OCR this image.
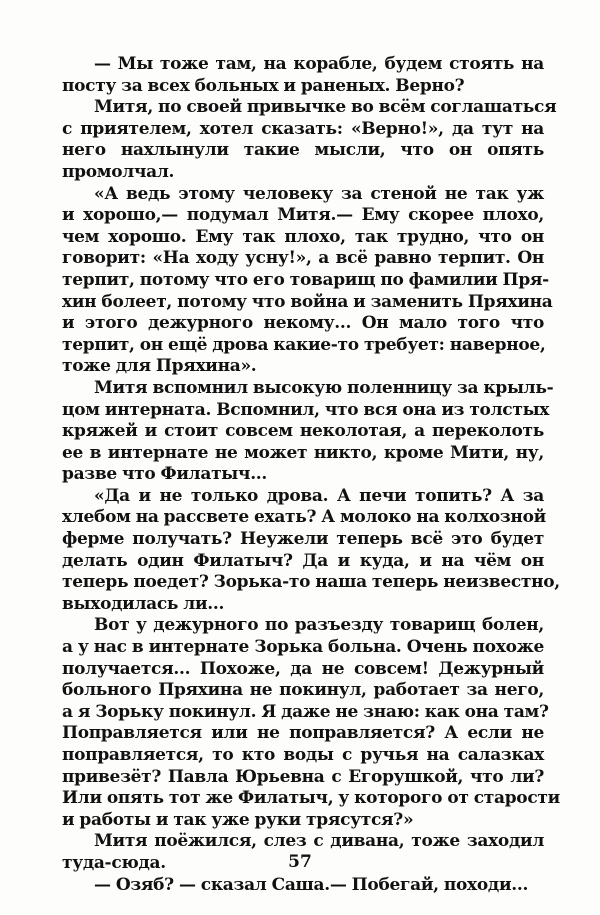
— Мы тоже там, на корабле, будем стоять на
посту за всех больных и раненых. Верно?
Митя, по своей привычке во всём соглашаться
с приятелем, хотел сказать: «Верно!», да тут на
него нахлынули такие мысли, что он опять
промолчал.
«А ведь этому человеку за стеной не так уж
и хорошо,— подумал Митя.— Ему скорее плохо,
чем хорошо. Ему так плохо, так трудно, что он
говорит: «На ходу усну!», а всё равно терпит. Он
терпит, потому что его товарищ по фамилии Пря-
хин болеет, потому что война и заменить Пряхина
и этого дежурного некому... Он мало того что
терпит, он ещё дрова какие-то требует: наверное,
тоже для Пряхина».
Митя вспомнил высокую поленницу за крыль-
цом интерната. Вспомнил, что вся она из толстых
кряжей и стоит совсем неколотая, а переколоть
ее в интернате не может никто, кроме Мити, ну,
разве что Филатыч...
«Да и не только дрова. А печи топить? А за
хлебом на рассвете ехать? А молоко на колхозной
ферме получать? Неужели теперь всё это будет
делать один Филатыч? Да и куда, и на чём он
теперь поедет? Зорька-то наша теперь неизвестно,
выходилась ли...
Вот у дежурного по разъезду товарищ болен,
а у нас в интернате Зорька больна. Очень похоже
получается... Похоже, да не совсем! Дежурный
больного Пряхина не покинул, работает за него,
а я Зорьку покинул. Я даже не знаю: как она там?
Поправляется или не поправляется? А если не
поправляется, то кто воды с ручья на салазках
привезёт? Павла Юрьевна с Егорушкой, что ли?
Или опять тот же Филатыч, у которого от старости
и работы и так уже руки трясутся?»
Митя поёжился, слез с дивана, тоже заходил
туда-сюда.
— Озяб? — сказал Саша.— Побегай, походи...
57
